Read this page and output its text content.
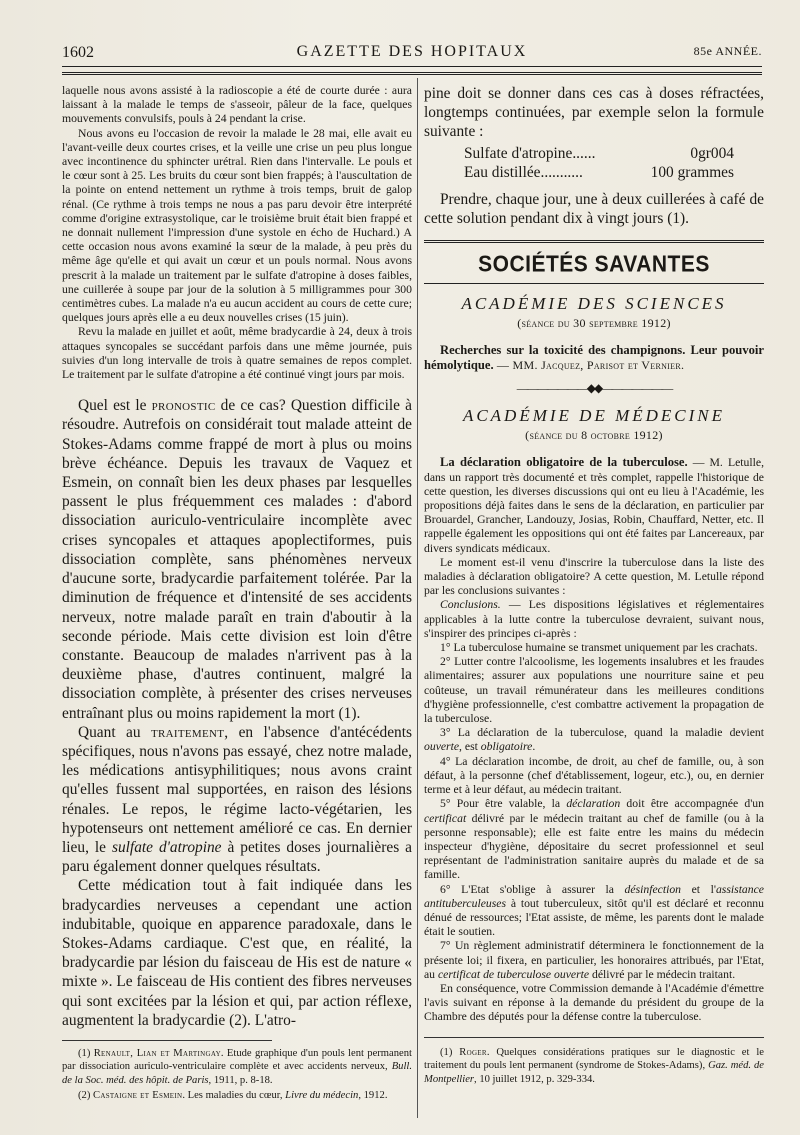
1602	GAZETTE DES HOPITAUX	85e ANNÉE.

laquelle nous avons assisté à la radioscopie a été de courte durée : aura laissant à la malade le temps de s'asseoir, pâleur de la face, quelques mouvements convulsifs, pouls à 24 pendant la crise.

Nous avons eu l'occasion de revoir la malade le 28 mai, elle avait eu l'avant-veille deux courtes crises, et la veille une crise un peu plus longue avec incontinence du sphincter urétral. Rien dans l'intervalle. Le pouls et le cœur sont à 25. Les bruits du cœur sont bien frappés; à l'auscultation de la pointe on entend nettement un rythme à trois temps, bruit de galop rénal. (Ce rythme à trois temps ne nous a pas paru devoir être interprété comme d'origine extrasystolique, car le troisième bruit était bien frappé et ne donnait nullement l'impression d'une systole en écho de Huchard.) A cette occasion nous avons examiné la sœur de la malade, à peu près du même âge qu'elle et qui avait un cœur et un pouls normal. Nous avons prescrit à la malade un traitement par le sulfate d'atropine à doses faibles, une cuillerée à soupe par jour de la solution à 5 milligrammes pour 300 centimètres cubes. La malade n'a eu aucun accident au cours de cette cure; quelques jours après elle a eu deux nouvelles crises (15 juin).

Revu la malade en juillet et août, même bradycardie à 24, deux à trois attaques syncopales se succédant parfois dans une même journée, puis suivies d'un long intervalle de trois à quatre semaines de repos complet. Le traitement par le sulfate d'atropine a été continué vingt jours par mois.

Quel est le pronostic de ce cas? Question difficile à résoudre. Autrefois on considérait tout malade atteint de Stokes-Adams comme frappé de mort à plus ou moins brève échéance. Depuis les travaux de Vaquez et Esmein, on connaît bien les deux phases par lesquelles passent le plus fréquemment ces malades : d'abord dissociation auriculo-ventriculaire incomplète avec crises syncopales et attaques apoplectiformes, puis dissociation complète, sans phénomènes nerveux d'aucune sorte, bradycardie parfaitement tolérée. Par la diminution de fréquence et d'intensité de ses accidents nerveux, notre malade paraît en train d'aboutir à la seconde période. Mais cette division est loin d'être constante. Beaucoup de malades n'arrivent pas à la deuxième phase, d'autres continuent, malgré la dissociation complète, à présenter des crises nerveuses entraînant plus ou moins rapidement la mort (1).

Quant au traitement, en l'absence d'antécédents spécifiques, nous n'avons pas essayé, chez notre malade, les médications antisyphilitiques; nous avons craint qu'elles fussent mal supportées, en raison des lésions rénales. Le repos, le régime lacto-végétarien, les hypotenseurs ont nettement amélioré ce cas. En dernier lieu, le sulfate d'atropine à petites doses journalières a paru également donner quelques résultats.

Cette médication tout à fait indiquée dans les bradycardies nerveuses a cependant une action indubitable, quoique en apparence paradoxale, dans le Stokes-Adams cardiaque. C'est que, en réalité, la bradycardie par lésion du faisceau de His est de nature « mixte ». Le faisceau de His contient des fibres nerveuses qui sont excitées par la lésion et qui, par action réflexe, augmentent la bradycardie (2). L'atro-

(1) Renault, Lian et Martingay. Etude graphique d'un pouls lent permanent par dissociation auriculo-ventriculaire complète et avec accidents nerveux, Bull. de la Soc. méd. des hôpit. de Paris, 1911, p. 8-18.

(2) Castaigne et Esmein. Les maladies du cœur, Livre du médecin, 1912.

pine doit se donner dans ces cas à doses réfractées, longtemps continuées, par exemple selon la formule suivante :

Sulfate d'atropine......	0gr004
Eau distillée...........	100 grammes

Prendre, chaque jour, une à deux cuillerées à café de cette solution pendant dix à vingt jours (1).

SOCIÉTÉS SAVANTES
ACADÉMIE DES SCIENCES
(séance du 30 septembre 1912)

Recherches sur la toxicité des champignons. Leur pouvoir hémolytique. — MM. Jacquez, Parisot et Vernier.

———————◆◆———————
ACADÉMIE DE MÉDECINE
(séance du 8 octobre 1912)

La déclaration obligatoire de la tuberculose. — M. Letulle, dans un rapport très documenté et très complet, rappelle l'historique de cette question, les diverses discussions qui ont eu lieu à l'Académie, les propositions déjà faites dans le sens de la déclaration, en particulier par Brouardel, Grancher, Landouzy, Josias, Robin, Chauffard, Netter, etc. Il rappelle également les oppositions qui ont été faites par Lancereaux, par divers syndicats médicaux.

Le moment est-il venu d'inscrire la tuberculose dans la liste des maladies à déclaration obligatoire? A cette question, M. Letulle répond par les conclusions suivantes :

Conclusions. — Les dispositions législatives et réglementaires applicables à la lutte contre la tuberculose devraient, suivant nous, s'inspirer des principes ci-après :

1° La tuberculose humaine se transmet uniquement par les crachats.

2° Lutter contre l'alcoolisme, les logements insalubres et les fraudes alimentaires; assurer aux populations une nourriture saine et peu coûteuse, un travail rémunérateur dans les meilleures conditions d'hygiène professionnelle, c'est combattre activement la propagation de la tuberculose.

3° La déclaration de la tuberculose, quand la maladie devient ouverte, est obligatoire.

4° La déclaration incombe, de droit, au chef de famille, ou, à son défaut, à la personne (chef d'établissement, logeur, etc.), ou, en dernier terme et à leur défaut, au médecin traitant.

5° Pour être valable, la déclaration doit être accompagnée d'un certificat délivré par le médecin traitant au chef de famille (ou à la personne responsable); elle est faite entre les mains du médecin inspecteur d'hygiène, dépositaire du secret professionnel et seul représentant de l'administration sanitaire auprès du malade et de sa famille.

6° L'Etat s'oblige à assurer la désinfection et l'assistance antituberculeuses à tout tuberculeux, sitôt qu'il est déclaré et reconnu dénué de ressources; l'Etat assiste, de même, les parents dont le malade était le soutien.

7° Un règlement administratif déterminera le fonctionnement de la présente loi; il fixera, en particulier, les honoraires attribués, par l'Etat, au certificat de tuberculose ouverte délivré par le médecin traitant.

En conséquence, votre Commission demande à l'Académie d'émettre l'avis suivant en réponse à la demande du président du groupe de la Chambre des députés pour la défense contre la tuberculose.

(1) Roger. Quelques considérations pratiques sur le diagnostic et le traitement du pouls lent permanent (syndrome de Stokes-Adams), Gaz. méd. de Montpellier, 10 juillet 1912, p. 329-334.
